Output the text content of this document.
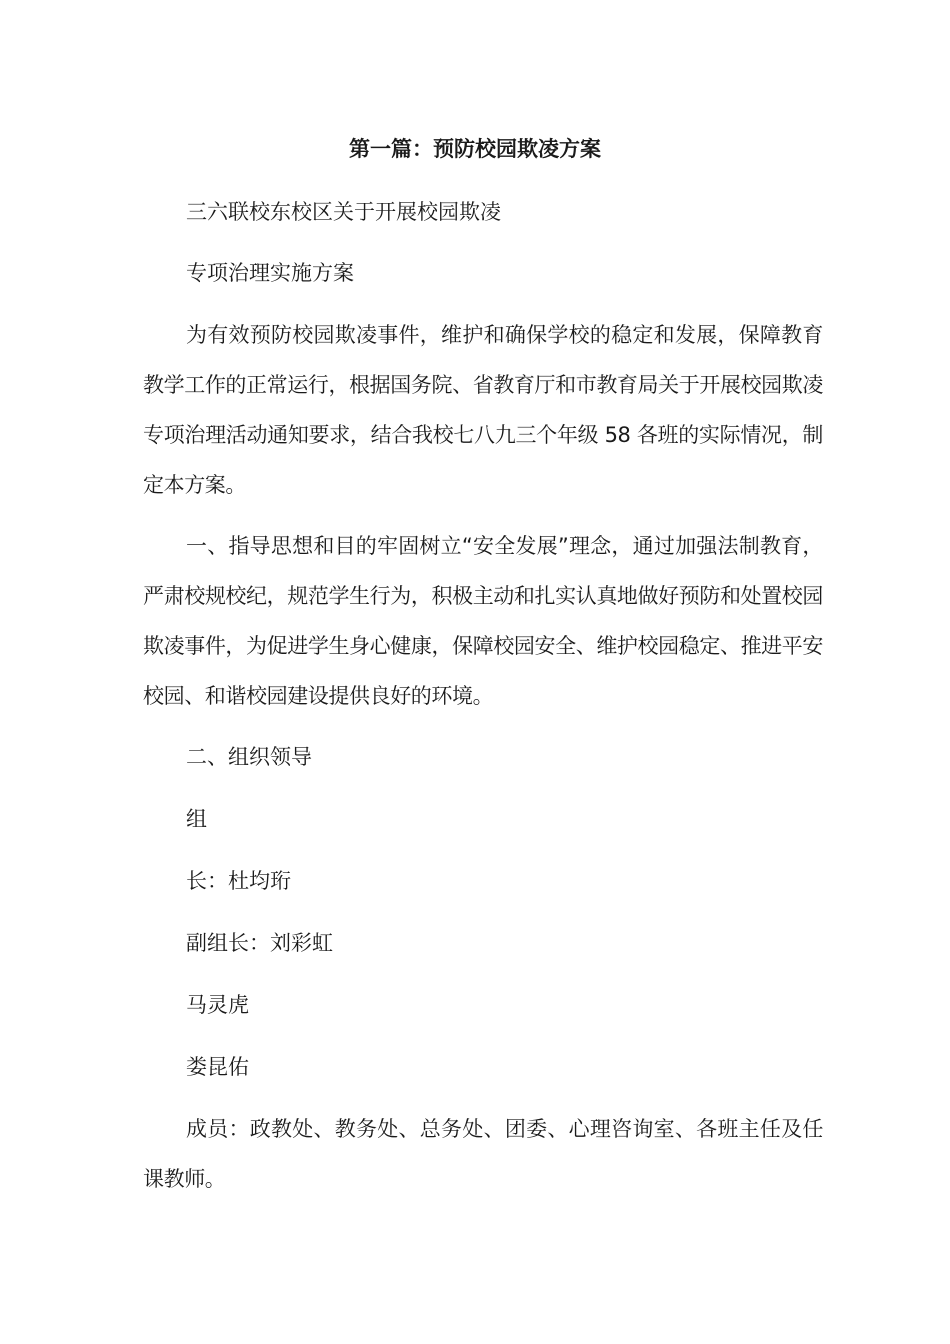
第一篇：预防校园欺凌方案

三六联校东校区关于开展校园欺凌

专项治理实施方案

为有效预防校园欺凌事件，维护和确保学校的稳定和发展，保障教育教学工作的正常运行，根据国务院、省教育厅和市教育局关于开展校园欺凌专项治理活动通知要求，结合我校七八九三个年级 58 各班的实际情况，制定本方案。

一、指导思想和目的牢固树立“安全发展”理念，通过加强法制教育，严肃校规校纪，规范学生行为，积极主动和扎实认真地做好预防和处置校园欺凌事件，为促进学生身心健康，保障校园安全、维护校园稳定、推进平安校园、和谐校园建设提供良好的环境。

二、组织领导

组

长：杜均珩

副组长：刘彩虹

马灵虎

娄昆佑

成员：政教处、教务处、总务处、团委、心理咨询室、各班主任及任课教师。
